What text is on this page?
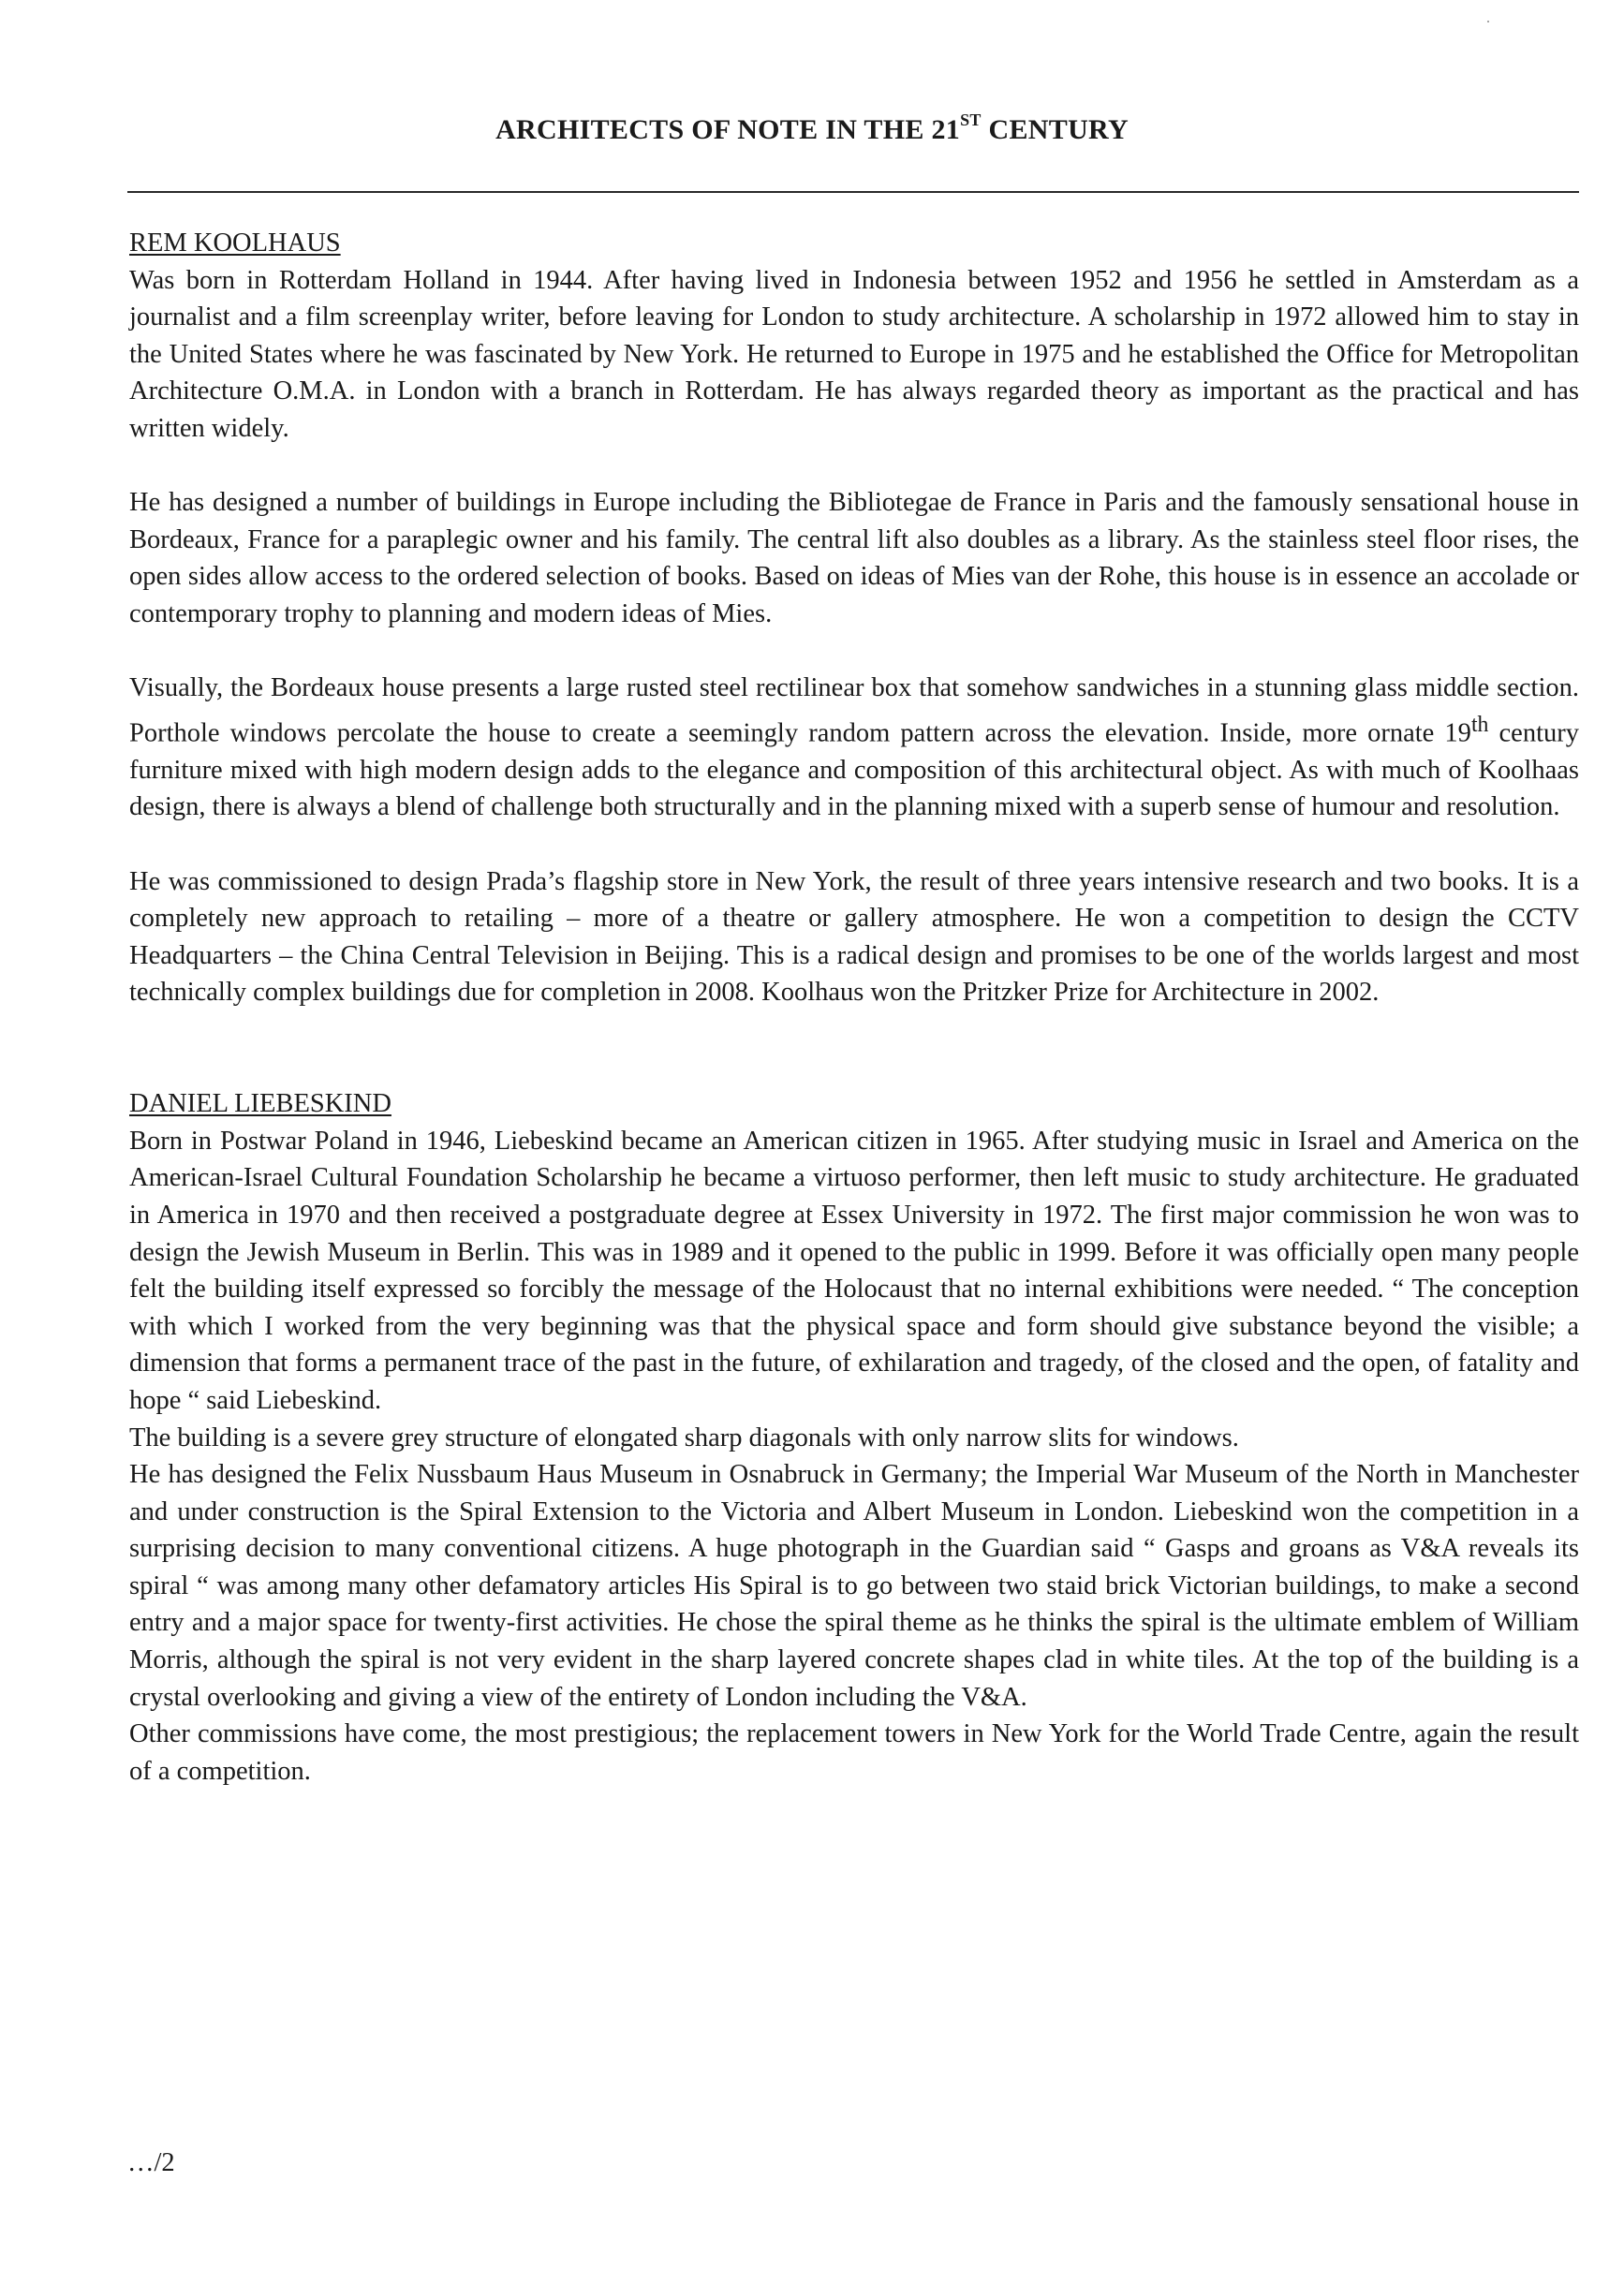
ARCHITECTS OF NOTE IN THE 21ST CENTURY
REM KOOLHAUS

Was born in Rotterdam Holland in 1944. After having lived in Indonesia between 1952 and 1956 he settled in Amsterdam as a journalist and a film screenplay writer, before leaving for London to study architecture. A scholarship in 1972 allowed him to stay in the United States where he was fascinated by New York. He returned to Europe in 1975 and he established the Office for Metropolitan Architecture O.M.A. in London with a branch in Rotterdam. He has always regarded theory as important as the practical and has written widely.

He has designed a number of buildings in Europe including the Bibliotegae de France in Paris and the famously sensational house in Bordeaux, France for a paraplegic owner and his family. The central lift also doubles as a library. As the stainless steel floor rises, the open sides allow access to the ordered selection of books. Based on ideas of Mies van der Rohe, this house is in essence an accolade or contemporary trophy to planning and modern ideas of Mies.

Visually, the Bordeaux house presents a large rusted steel rectilinear box that somehow sandwiches in a stunning glass middle section. Porthole windows percolate the house to create a seemingly random pattern across the elevation. Inside, more ornate 19th century furniture mixed with high modern design adds to the elegance and composition of this architectural object. As with much of Koolhaas design, there is always a blend of challenge both structurally and in the planning mixed with a superb sense of humour and resolution.

He was commissioned to design Prada’s flagship store in New York, the result of three years intensive research and two books. It is a completely new approach to retailing – more of a theatre or gallery atmosphere. He won a competition to design the CCTV Headquarters – the China Central Television in Beijing. This is a radical design and promises to be one of the worlds largest and most technically complex buildings due for completion in 2008. Koolhaus won the Pritzker Prize for Architecture in 2002.

DANIEL LIEBESKIND

Born in Postwar Poland in 1946, Liebeskind became an American citizen in 1965. After studying music in Israel and America on the American-Israel Cultural Foundation Scholarship he became a virtuoso performer, then left music to study architecture. He graduated in America in 1970 and then received a postgraduate degree at Essex University in 1972. The first major commission he won was to design the Jewish Museum in Berlin. This was in 1989 and it opened to the public in 1999. Before it was officially open many people felt the building itself expressed so forcibly the message of the Holocaust that no internal exhibitions were needed. “ The conception with which I worked from the very beginning was that the physical space and form should give substance beyond the visible; a dimension that forms a permanent trace of the past in the future, of exhilaration and tragedy, of the closed and the open, of fatality and hope “ said Liebeskind.

The building is a severe grey structure of elongated sharp diagonals with only narrow slits for windows.

He has designed the Felix Nussbaum Haus Museum in Osnabruck in Germany; the Imperial War Museum of the North in Manchester and under construction is the Spiral Extension to the Victoria and Albert Museum in London. Liebeskind won the competition in a surprising decision to many conventional citizens. A huge photograph in the Guardian said “ Gasps and groans as V&A reveals its spiral “ was among many other defamatory articles His Spiral is to go between two staid brick Victorian buildings, to make a second entry and a major space for twenty-first activities. He chose the spiral theme as he thinks the spiral is the ultimate emblem of William Morris, although the spiral is not very evident in the sharp layered concrete shapes clad in white tiles. At the top of the building is a crystal overlooking and giving a view of the entirety of London including the V&A.

Other commissions have come, the most prestigious; the replacement towers in New York for the World Trade Centre, again the result of a competition.

…/2
